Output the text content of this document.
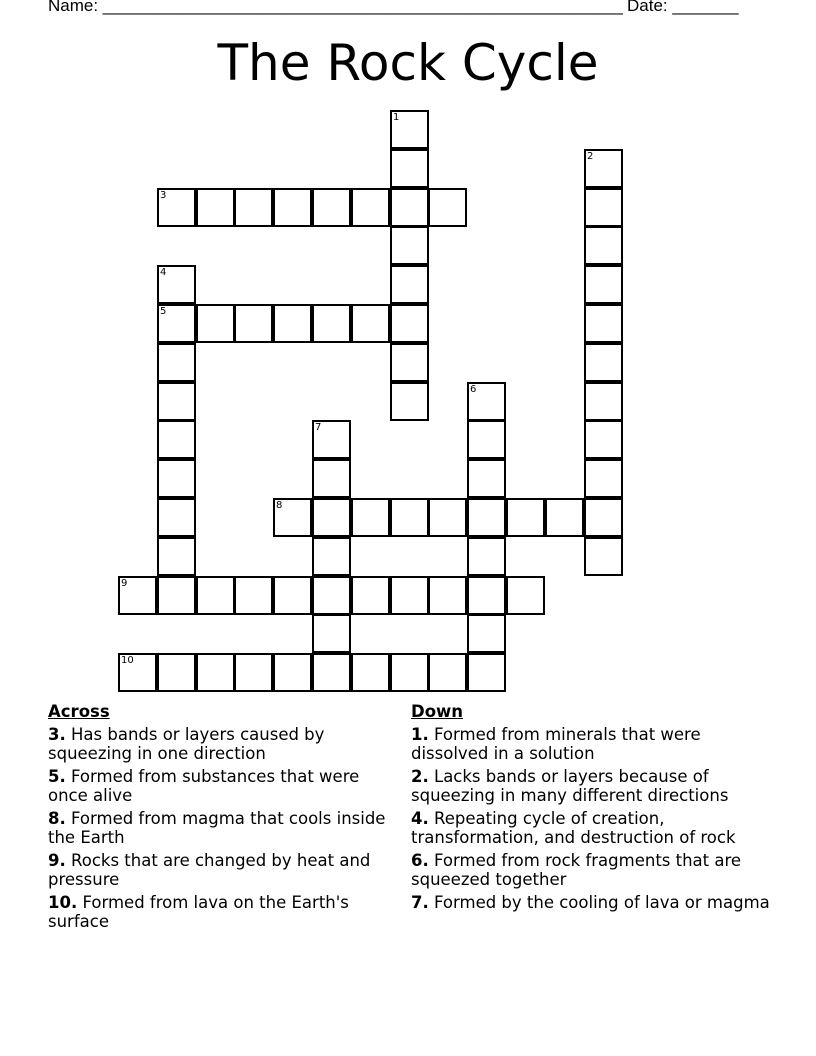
Name: _______________________________________________________ Date: _______
The Rock Cycle
1
2
3
4
5
6
7
8
9
10
Across
3. Has bands or layers caused by squeezing in one direction
5. Formed from substances that were once alive
8. Formed from magma that cools inside the Earth
9. Rocks that are changed by heat and pressure
10. Formed from lava on the Earth's surface
Down
1. Formed from minerals that were dissolved in a solution
2. Lacks bands or layers because of squeezing in many different directions
4. Repeating cycle of creation, transformation, and destruction of rock
6. Formed from rock fragments that are squeezed together
7. Formed by the cooling of lava or magma
